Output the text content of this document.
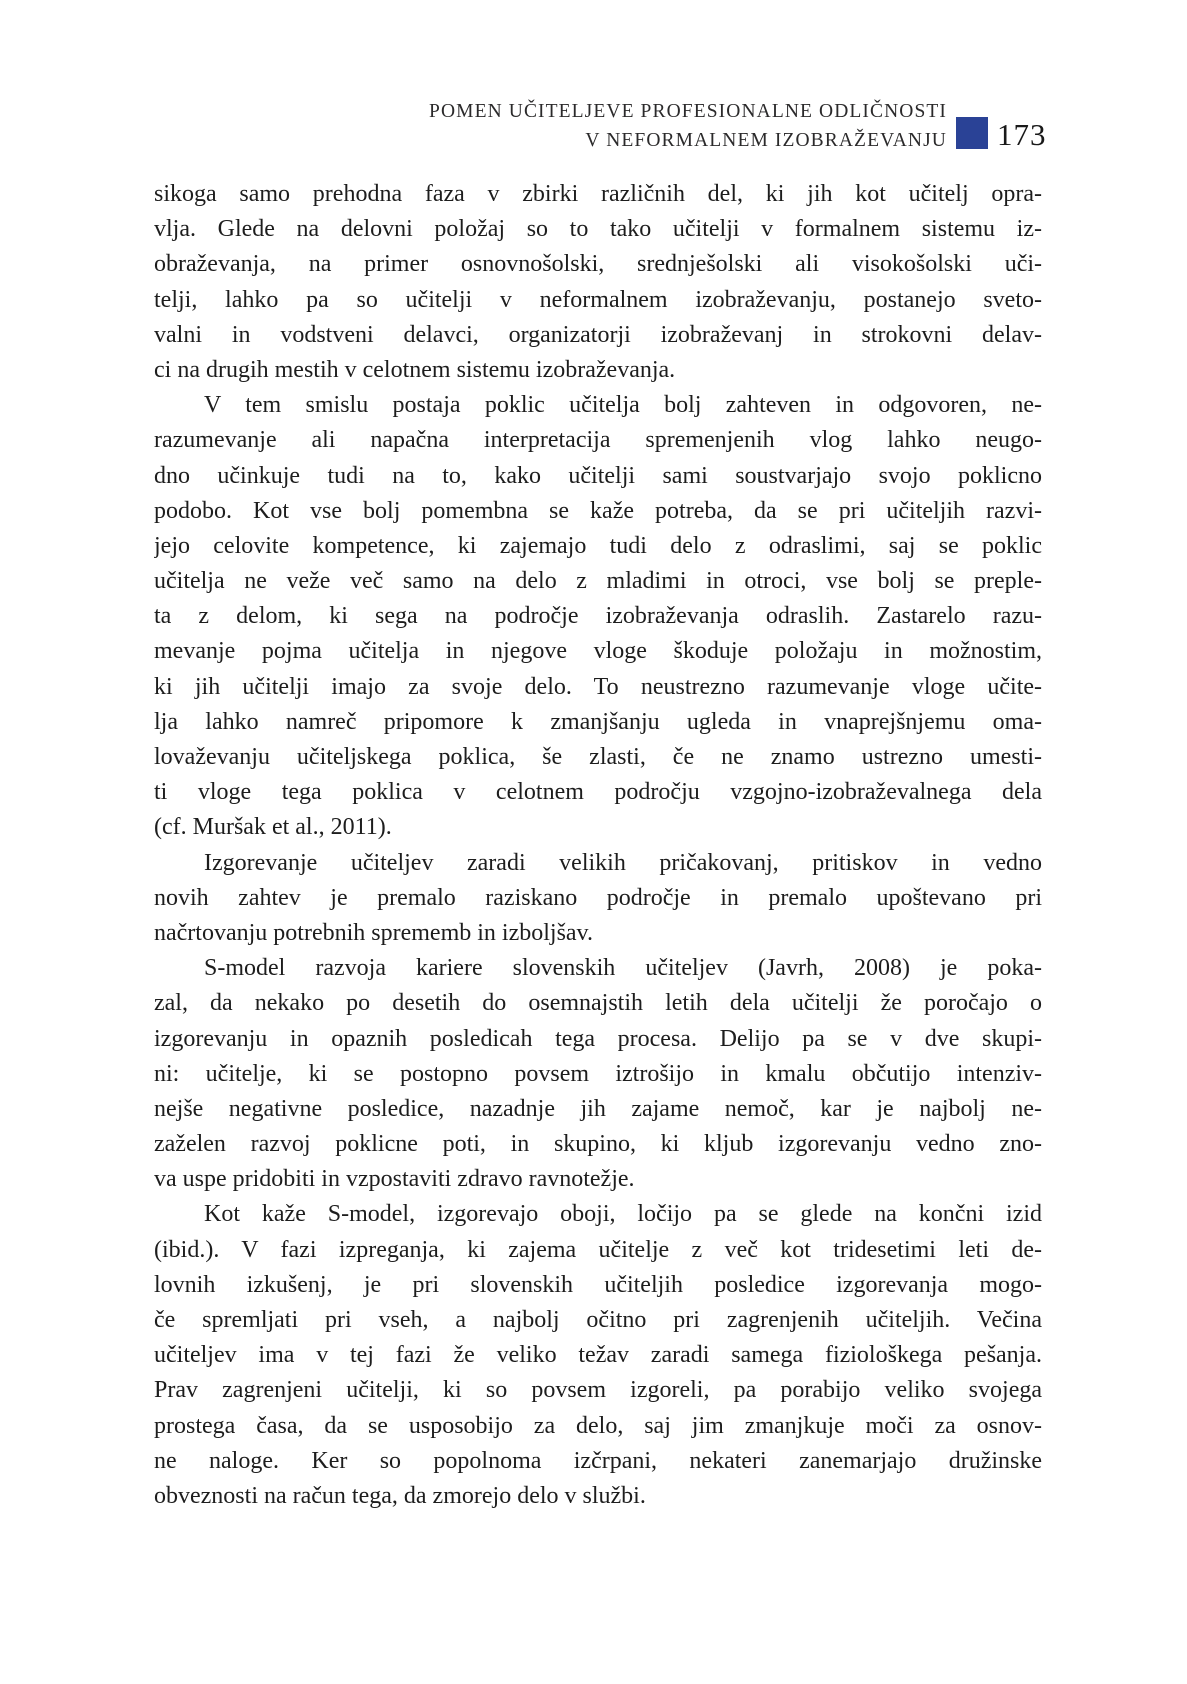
POMEN UČITELJEVE PROFESIONALNE ODLIČNOSTI
V NEFORMALNEM IZOBRAŽEVANJU 173
sikoga samo prehodna faza v zbirki različnih del, ki jih kot učitelj opra-
vlja. Glede na delovni položaj so to tako učitelji v formalnem sistemu iz-
obraževanja, na primer osnovnošolski, srednješolski ali visokošolski uči-
telji, lahko pa so učitelji v neformalnem izobraževanju, postanejo sveto-
valni in vodstveni delavci, organizatorji izobraževanj in strokovni delav-
ci na drugih mestih v celotnem sistemu izobraževanja.
V tem smislu postaja poklic učitelja bolj zahteven in odgovoren, ne-
razumevanje ali napačna interpretacija spremenjenih vlog lahko neugo-
dno učinkuje tudi na to, kako učitelji sami soustvarjajo svojo poklicno
podobo. Kot vse bolj pomembna se kaže potreba, da se pri učiteljih razvi-
jejo celovite kompetence, ki zajemajo tudi delo z odraslimi, saj se poklic
učitelja ne veže več samo na delo z mladimi in otroci, vse bolj se preple-
ta z delom, ki sega na področje izobraževanja odraslih. Zastarelo razu-
mevanje pojma učitelja in njegove vloge škoduje položaju in možnostim,
ki jih učitelji imajo za svoje delo. To neustrezno razumevanje vloge učite-
lja lahko namreč pripomore k zmanjšanju ugleda in vnaprejšnjemu oma-
lovaževanju učiteljskega poklica, še zlasti, če ne znamo ustrezno umesti-
ti vloge tega poklica v celotnem področju vzgojno-izobraževalnega dela
(cf. Muršak et al., 2011).
Izgorevanje učiteljev zaradi velikih pričakovanj, pritiskov in vedno
novih zahtev je premalo raziskano področje in premalo upoštevano pri
načrtovanju potrebnih sprememb in izboljšav.
S-model razvoja kariere slovenskih učiteljev (Javrh, 2008) je poka-
zal, da nekako po desetih do osemnajstih letih dela učitelji že poročajo o
izgorevanju in opaznih posledicah tega procesa. Delijo pa se v dve skupi-
ni: učitelje, ki se postopno povsem iztrošijo in kmalu občutijo intenziv-
nejše negativne posledice, nazadnje jih zajame nemoč, kar je najbolj ne-
zaželen razvoj poklicne poti, in skupino, ki kljub izgorevanju vedno zno-
va uspe pridobiti in vzpostaviti zdravo ravnotežje.
Kot kaže S-model, izgorevajo oboji, ločijo pa se glede na končni izid
(ibid.). V fazi izpreganja, ki zajema učitelje z več kot tridesetimi leti de-
lovnih izkušenj, je pri slovenskih učiteljih posledice izgorevanja mogo-
če spremljati pri vseh, a najbolj očitno pri zagrenjenih učiteljih. Večina
učiteljev ima v tej fazi že veliko težav zaradi samega fiziološkega pešanja.
Prav zagrenjeni učitelji, ki so povsem izgoreli, pa porabijo veliko svojega
prostega časa, da se usposobijo za delo, saj jim zmanjkuje moči za osnov-
ne naloge. Ker so popolnoma izčrpani, nekateri zanemarjajo družinske
obveznosti na račun tega, da zmorejo delo v službi.
